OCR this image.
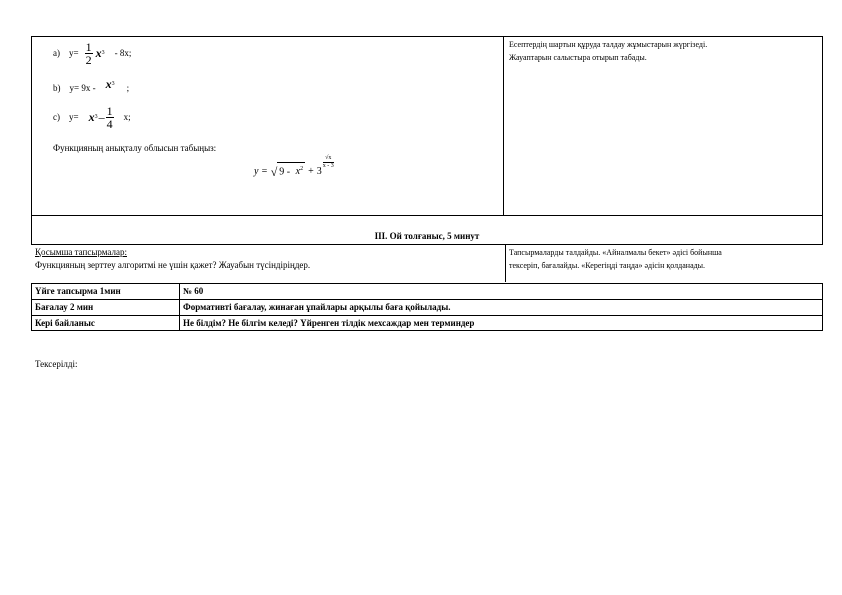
a) $y= \frac{1}{2}$ x 3 - 8x;
b) $y= 9x - x^3$ ;
c) y= x $3 - \frac{1}{4} x$;
Функцияның анықталу облысын табыңыз:
y = √ $9 - x^2 + 3$
$\frac{√x}{x - 3}$
Есептердің шартын құруда талдау жұмыстарын жүргізеді.
Жауаптарын салыстыра отырып табады.
III. Ой толғаныс, 5 минут
Қосымша тапсырмалар:
Функцияның зерттеу алгоритмі не үшін қажет? Жауабын түсіндіріңдер.
Тапсырмаларды талдайды. «Айналмалы бекет» әдісі бойынша
тексеріп, бағалайды. «Керегіңді таңда» әдісін қолданады.
Үйге тапсырма 1мин	№ 60
Бағалау 2 мин	Формативті бағалау, жинаған ұпайлары арқылы баға қойылады.
Кері байланыс	Не білдім? Не білгім келеді? Үйренген тілдік мехсаждар мен терминдер
Тексерілді:
